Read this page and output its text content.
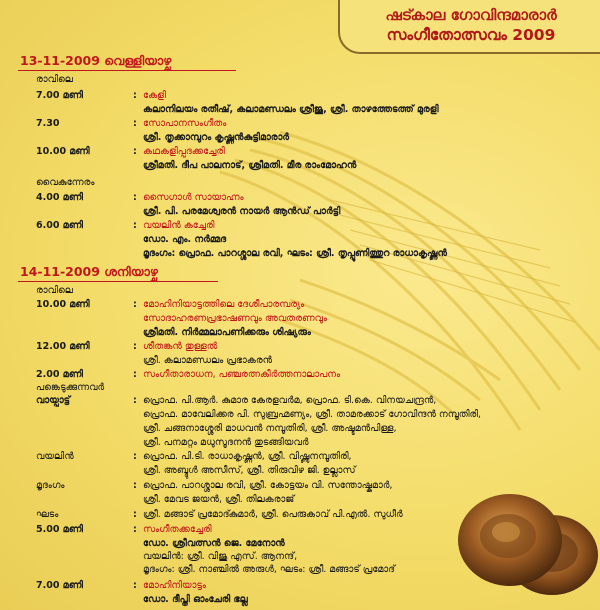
ഷട്കാല ഗോവിന്ദമാരാർ
സംഗീതോത്സവം 2009
13-11-2009 വെള്ളിയാഴ്ച
രാവിലെ
7.00 മണി	: കേളി
കലാനിലയം രതീഷ്, കലാമണ്ഡലം ശ്രീജു, ശ്രീ. താഴത്തേടത്ത് മുരളി
7.30	: സോപാനസംഗീതം
ശ്രീ. തൃക്കാമ്പുറം കൃഷ്ണൻകുട്ടിമാരാർ
10.00 മണി	: കഥകളിപ്പദക്കച്ചേരി
ശ്രീമതി. ദീപ പാലനാട്, ശ്രീമതി. മീര രാംമോഹൻ
വൈകുന്നേരം
4.00 മണി	: സൈഗാൾ സായാഹ്നം
ശ്രീ. പി. പരമേശ്വരൻ നായർ ആൻഡ് പാർട്ടി
6.00 മണി	: വയലിൻ കച്ചേരി
ഡോ. എം. നർമ്മദ
മൃദംഗം: പ്രൊഫ. പാറശ്ശാല രവി, ഘടം: ശ്രീ. തൃപ്പൂണിത്തുറ രാധാകൃഷ്ണൻ
14-11-2009 ശനിയാഴ്ച
രാവിലെ
10.00 മണി	: മോഹിനിയാട്ടത്തിലെ ദേശീപാരമ്പര്യം
സോദാഹരണപ്രഭാഷണവും അവതരണവും
ശ്രീമതി. നിർമ്മലാപണിക്കരും ശിഷ്യരും
12.00 മണി	: ശീതങ്കൻ തുള്ളൽ
ശ്രീ. കലാമണ്ഡലം പ്രഭാകരൻ
2.00 മണി	: സംഗീതാരാധന, പഞ്ചരത്നകീർത്തനാലാപനം
പങ്കെടുക്കുന്നവർ
വായ്പാട്ട്	: പ്രൊഫ. പി.ആർ. കുമാര കേരളവർമ, പ്രൊഫ. ടി.കെ. വിനയചന്ദ്രൻ,
പ്രൊഫ. മാവേലിക്കര പി. സുബ്രഹ്മണ്യം, ശ്രീ. താമരക്കാട് ഗോവിന്ദൻ നമ്പൂതിരി,
ശ്രീ. ചങ്ങനാശ്ശേരി മാധവൻ നമ്പൂതിരി, ശ്രീ. അഷ്ടമൻപിള്ള,
ശ്രീ. പനമറ്റം മധുസൂദനൻ തുടങ്ങിയവർ
വയലിൻ	: പ്രൊഫ. പി.ടി. രാധാകൃഷ്ണൻ, ശ്രീ. വിഷ്ണുനമ്പൂതിരി,
ശ്രീ. അബ്ദുൾ അസീസ്, ശ്രീ. തിരുവിഴ ജി. ഉല്ലാസ്
മൃദംഗം	: പ്രൊഫ. പാറശ്ശാല രവി, ശ്രീ. കോട്ടയം വി. സന്തോഷ്കുമാർ,
ശ്രീ. മേവട ജയൻ, ശ്രീ. തിലകരാജ്
ഘടം	: ശ്രീ. മങ്ങാട് പ്രമോദ്കുമാർ, ശ്രീ. പെരുകാവ് പി.എൽ. സുധീർ
5.00 മണി	: സംഗീതക്കച്ചേരി
ഡോ. ശ്രീവത്സൻ ജെ. മേനോൻ
വയലിൻ: ശ്രീ. വിജു എസ്. ആനന്ദ്,
മൃദംഗം: ശ്രീ. നാഞ്ചിൽ അരുൾ, ഘടം: ശ്രീ. മങ്ങാട് പ്രമോദ്
7.00 മണി	: മോഹിനിയാട്ടം
ഡോ. ദീപ്തി ഓംചേരി ഭല്ല
